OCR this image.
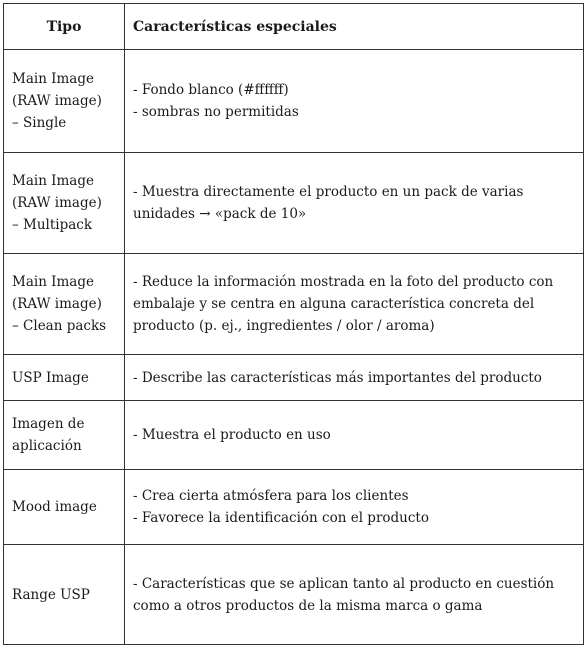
Tipo	Características especiales

Main Image
(RAW image)
– Single	- Fondo blanco (#ffffff)
- sombras no permitidas

Main Image
(RAW image)
– Multipack	- Muestra directamente el producto en un pack de varias unidades → «pack de 10»

Main Image
(RAW image)
– Clean packs	- Reduce la información mostrada en la foto del producto con embalaje y se centra en alguna característica concreta del producto (p. ej., ingredientes / olor / aroma)

USP Image	- Describe las características más importantes del producto

Imagen de
aplicación	- Muestra el producto en uso

Mood image	- Crea cierta atmósfera para los clientes
- Favorece la identificación con el producto

Range USP	- Características que se aplican tanto al producto en cuestión como a otros productos de la misma marca o gama
